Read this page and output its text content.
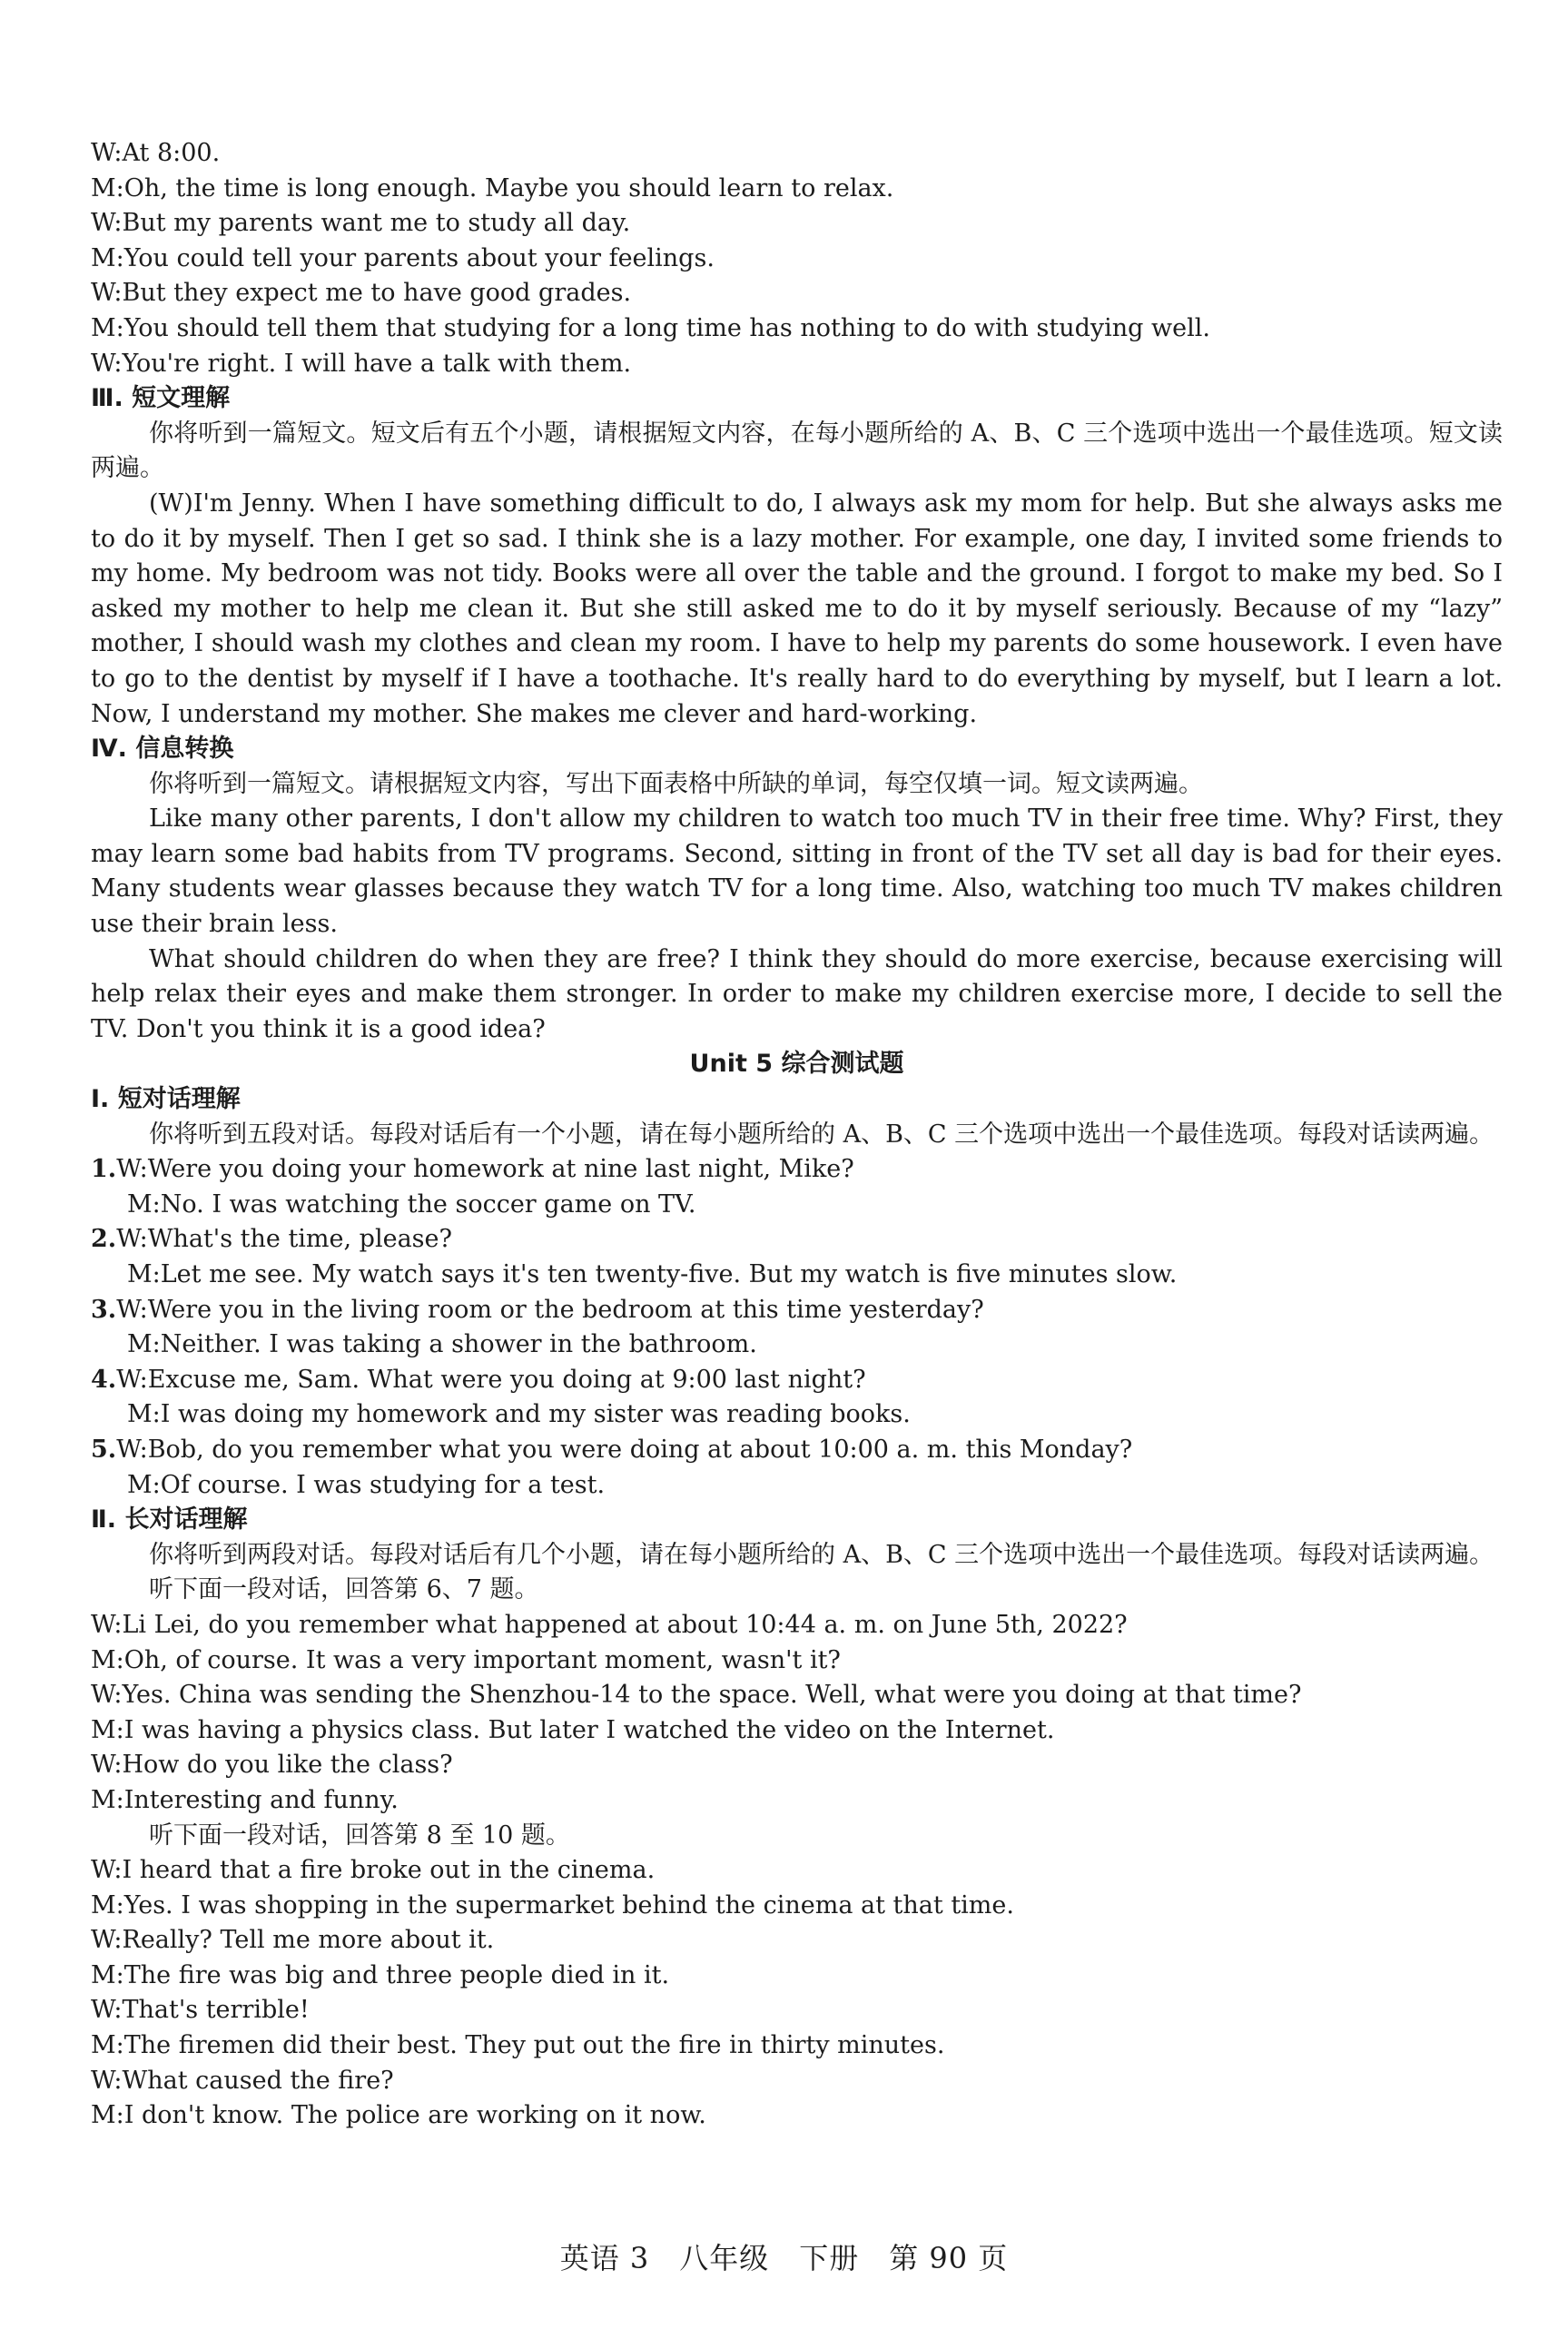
W:At 8:00.
M:Oh, the time is long enough. Maybe you should learn to relax.
W:But my parents want me to study all day.
M:You could tell your parents about your feelings.
W:But they expect me to have good grades.
M:You should tell them that studying for a long time has nothing to do with studying well.
W:You're right. I will have a talk with them.
Ⅲ. 短文理解
你将听到一篇短文。短文后有五个小题，请根据短文内容，在每小题所给的 A、B、C 三个选项中选出一个最佳选项。短文读两遍。
(W)I'm Jenny. When I have something difficult to do, I always ask my mom for help. But she always asks me to do it by myself. Then I get so sad. I think she is a lazy mother. For example, one day, I invited some friends to my home. My bedroom was not tidy. Books were all over the table and the ground. I forgot to make my bed. So I asked my mother to help me clean it. But she still asked me to do it by myself seriously. Because of my “lazy” mother, I should wash my clothes and clean my room. I have to help my parents do some housework. I even have to go to the dentist by myself if I have a toothache. It's really hard to do everything by myself, but I learn a lot. Now, I understand my mother. She makes me clever and hard-working.
Ⅳ. 信息转换
你将听到一篇短文。请根据短文内容，写出下面表格中所缺的单词，每空仅填一词。短文读两遍。
Like many other parents, I don't allow my children to watch too much TV in their free time. Why? First, they may learn some bad habits from TV programs. Second, sitting in front of the TV set all day is bad for their eyes. Many students wear glasses because they watch TV for a long time. Also, watching too much TV makes children use their brain less.
What should children do when they are free? I think they should do more exercise, because exercising will help relax their eyes and make them stronger. In order to make my children exercise more, I decide to sell the TV. Don't you think it is a good idea?
Unit 5 综合测试题
Ⅰ. 短对话理解
你将听到五段对话。每段对话后有一个小题，请在每小题所给的 A、B、C 三个选项中选出一个最佳选项。每段对话读两遍。
1.W:Were you doing your homework at nine last night, Mike?
M:No. I was watching the soccer game on TV.
2.W:What's the time, please?
M:Let me see. My watch says it's ten twenty-five. But my watch is five minutes slow.
3.W:Were you in the living room or the bedroom at this time yesterday?
M:Neither. I was taking a shower in the bathroom.
4.W:Excuse me, Sam. What were you doing at 9:00 last night?
M:I was doing my homework and my sister was reading books.
5.W:Bob, do you remember what you were doing at about 10:00 a. m. this Monday?
M:Of course. I was studying for a test.
Ⅱ. 长对话理解
你将听到两段对话。每段对话后有几个小题，请在每小题所给的 A、B、C 三个选项中选出一个最佳选项。每段对话读两遍。
听下面一段对话，回答第 6、7 题。
W:Li Lei, do you remember what happened at about 10:44 a. m. on June 5th, 2022?
M:Oh, of course. It was a very important moment, wasn't it?
W:Yes. China was sending the Shenzhou-14 to the space. Well, what were you doing at that time?
M:I was having a physics class. But later I watched the video on the Internet.
W:How do you like the class?
M:Interesting and funny.
听下面一段对话，回答第 8 至 10 题。
W:I heard that a fire broke out in the cinema.
M:Yes. I was shopping in the supermarket behind the cinema at that time.
W:Really? Tell me more about it.
M:The fire was big and three people died in it.
W:That's terrible!
M:The firemen did their best. They put out the fire in thirty minutes.
W:What caused the fire?
M:I don't know. The police are working on it now.
英语 3　八年级　下册　第 90 页
